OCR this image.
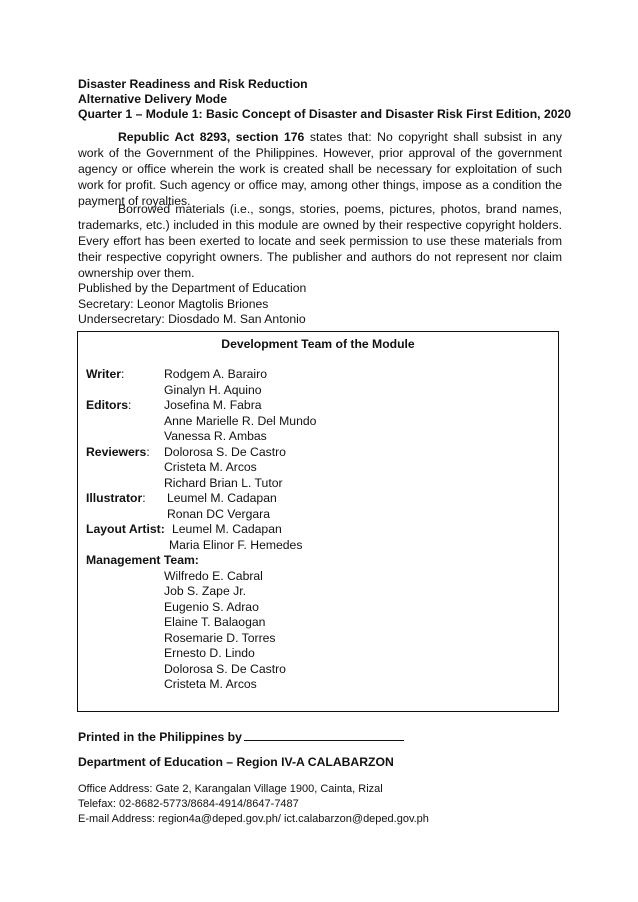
Disaster Readiness and Risk Reduction
Alternative Delivery Mode
Quarter 1 – Module 1: Basic Concept of Disaster and Disaster Risk First Edition, 2020
Republic Act 8293, section 176 states that: No copyright shall subsist in any work of the Government of the Philippines. However, prior approval of the government agency or office wherein the work is created shall be necessary for exploitation of such work for profit. Such agency or office may, among other things, impose as a condition the payment of royalties.
Borrowed materials (i.e., songs, stories, poems, pictures, photos, brand names, trademarks, etc.) included in this module are owned by their respective copyright holders. Every effort has been exerted to locate and seek permission to use these materials from their respective copyright owners. The publisher and authors do not represent nor claim ownership over them.
Published by the Department of Education
Secretary: Leonor Magtolis Briones
Undersecretary: Diosdado M. San Antonio
Development Team of the Module
Writer:	Rodgem A. Barairo
Ginalyn H. Aquino
Editors:	Josefina M. Fabra
Anne Marielle R. Del Mundo
Vanessa R. Ambas
Reviewers: Dolorosa S. De Castro
Cristeta M. Arcos
Richard Brian L. Tutor
Illustrator: Leumel M. Cadapan
Ronan DC Vergara
Layout Artist: Leumel M. Cadapan
Maria Elinor F. Hemedes
Management Team:
Wilfredo E. Cabral
Job S. Zape Jr.
Eugenio S. Adrao
Elaine T. Balaogan
Rosemarie D. Torres
Ernesto D. Lindo
Dolorosa S. De Castro
Cristeta M. Arcos
Printed in the Philippines by
Department of Education – Region IV-A CALABARZON
Office Address: Gate 2, Karangalan Village 1900, Cainta, Rizal
Telefax: 02-8682-5773/8684-4914/8647-7487
E-mail Address: region4a@deped.gov.ph/ ict.calabarzon@deped.gov.ph
